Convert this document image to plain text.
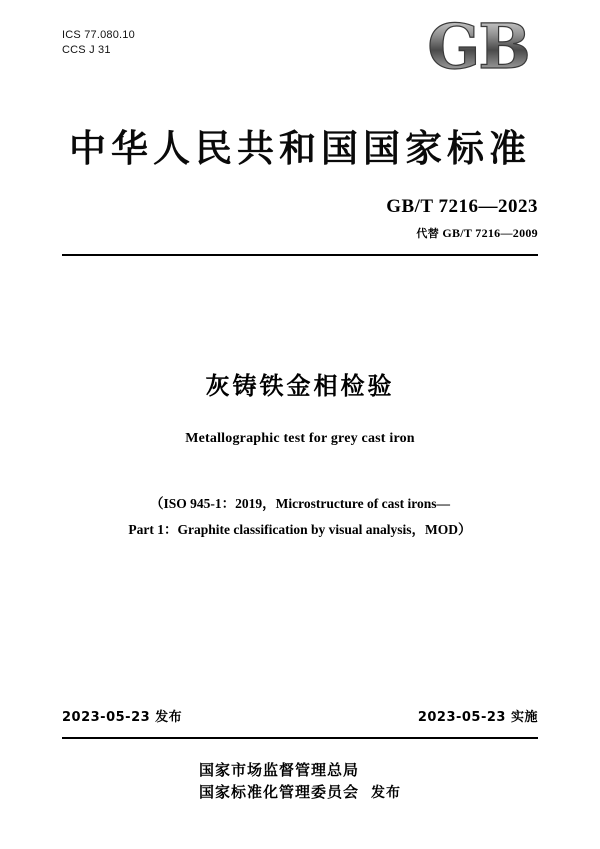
ICS 77.080.10
CCS J 31	GB
中华人民共和国国家标准
GB/T 7216—2023
代替 GB/T 7216—2009
灰铸铁金相检验
Metallographic test for grey cast iron
（ISO 945-1：2019，Microstructure of cast irons—
Part 1：Graphite classification by visual analysis，MOD）
2023-05-23 发布	2023-05-23 实施
国家市场监督管理总局
国家标准化管理委员会 发布
